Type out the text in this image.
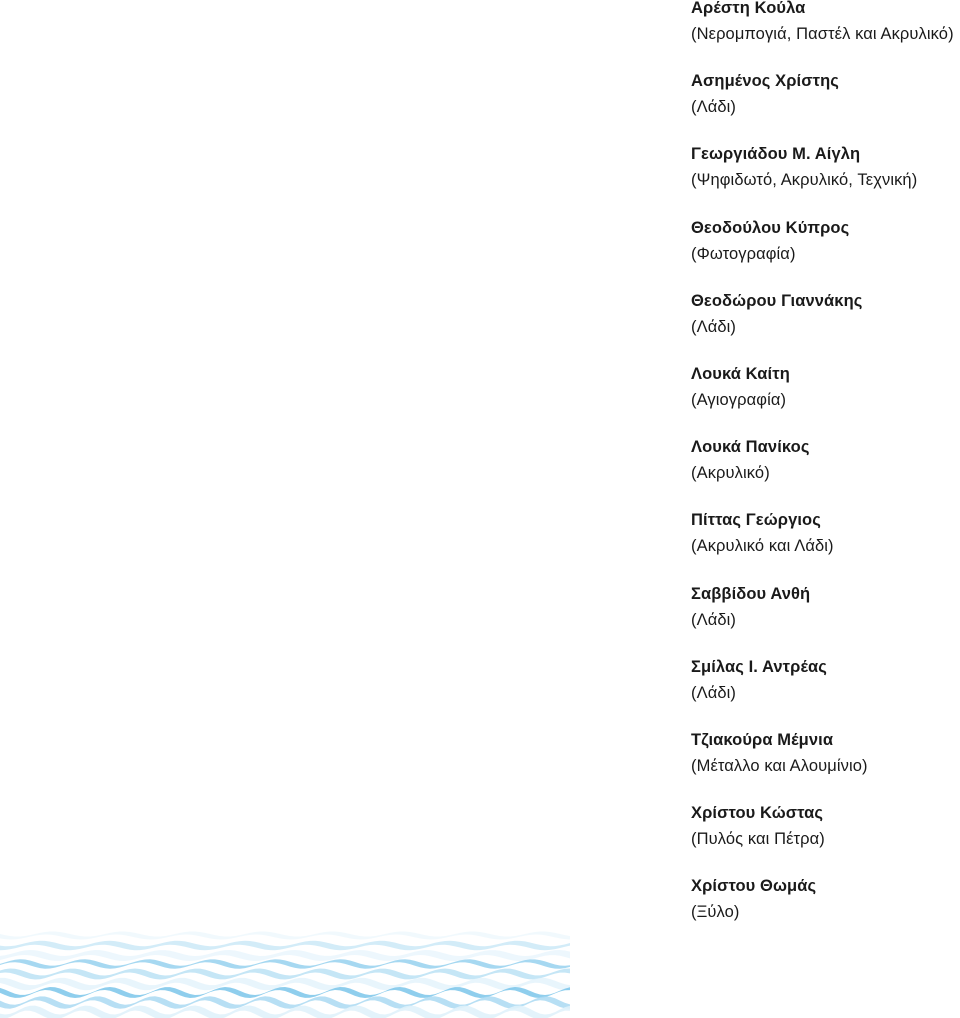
Αρέστη Κούλα
(Νερομπογιά, Παστέλ και Ακρυλικό)
Ασημένος Χρίστης
(Λάδι)
Γεωργιάδου Μ. Αίγλη
(Ψηφιδωτό, Ακρυλικό, Τεχνική)
Θεοδούλου Κύπρος
(Φωτογραφία)
Θεοδώρου Γιαννάκης
(Λάδι)
Λουκά Καίτη
(Αγιογραφία)
Λουκά Πανίκος
(Ακρυλικό)
Πίττας Γεώργιος
(Ακρυλικό και Λάδι)
Σαββίδου Ανθή
(Λάδι)
Σμίλας Ι. Αντρέας
(Λάδι)
Τζιακούρα Μέμνια
(Μέταλλο και Αλουμίνιο)
Χρίστου Κώστας
(Πυλός και Πέτρα)
Χρίστου Θωμάς
(Ξύλο)
